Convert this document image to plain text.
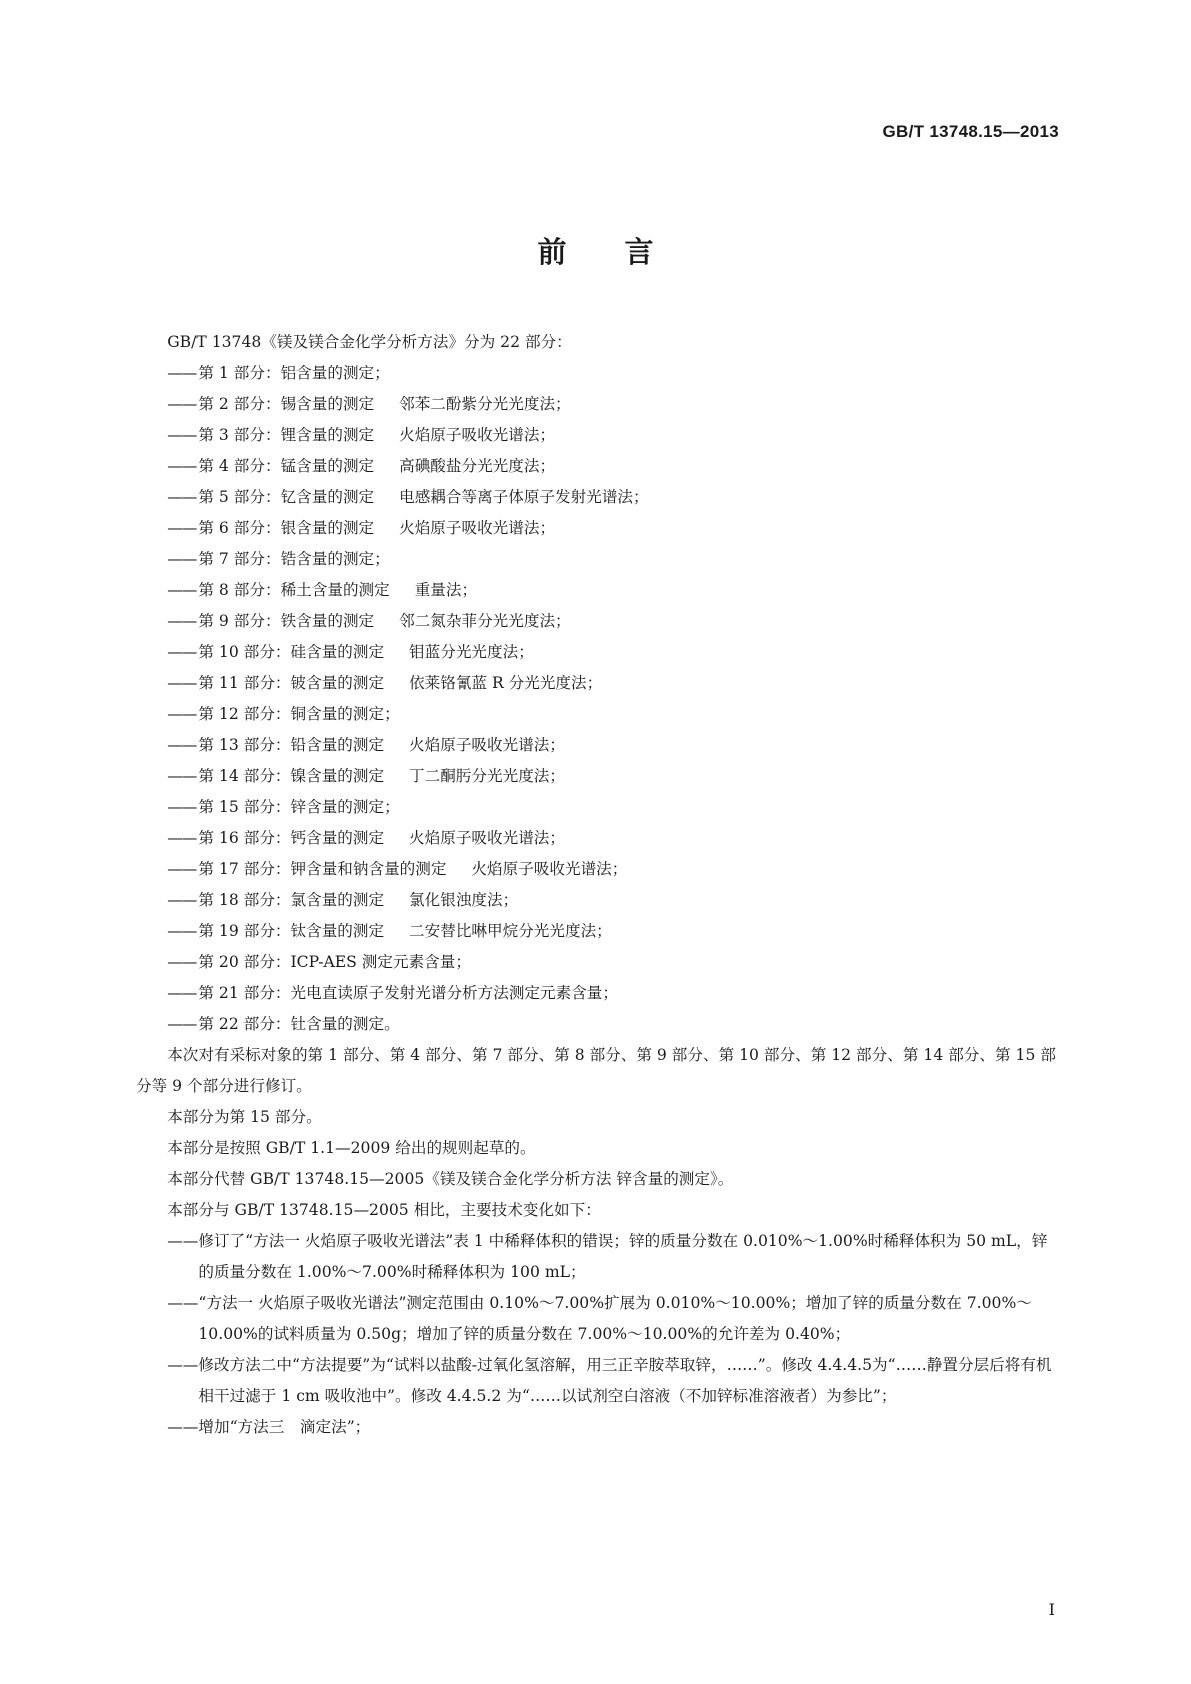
GB/T 13748.15—2013
前 言

GB/T 13748《镁及镁合金化学分析方法》分为 22 部分：

—— 第 1 部分：铝含量的测定；
—— 第 2 部分：锡含量的测定 邻苯二酚紫分光光度法；
—— 第 3 部分：锂含量的测定 火焰原子吸收光谱法；
—— 第 4 部分：锰含量的测定 高碘酸盐分光光度法；
—— 第 5 部分：钇含量的测定 电感耦合等离子体原子发射光谱法；
—— 第 6 部分：银含量的测定 火焰原子吸收光谱法；
—— 第 7 部分：锆含量的测定；
—— 第 8 部分：稀土含量的测定 重量法；
—— 第 9 部分：铁含量的测定 邻二氮杂菲分光光度法；
—— 第 10 部分：硅含量的测定 钼蓝分光光度法；
—— 第 11 部分：铍含量的测定 依莱铬氰蓝 R 分光光度法；
—— 第 12 部分：铜含量的测定；
—— 第 13 部分：铅含量的测定 火焰原子吸收光谱法；
—— 第 14 部分：镍含量的测定 丁二酮肟分光光度法；
—— 第 15 部分：锌含量的测定；
—— 第 16 部分：钙含量的测定 火焰原子吸收光谱法；
—— 第 17 部分：钾含量和钠含量的测定 火焰原子吸收光谱法；
—— 第 18 部分：氯含量的测定 氯化银浊度法；
—— 第 19 部分：钛含量的测定 二安替比啉甲烷分光光度法；
—— 第 20 部分：ICP-AES 测定元素含量；
—— 第 21 部分：光电直读原子发射光谱分析方法测定元素含量；
—— 第 22 部分：钍含量的测定。

本次对有采标对象的第 1 部分、第 4 部分、第 7 部分、第 8 部分、第 9 部分、第 10 部分、第 12 部分、第 14 部分、第 15 部分等 9 个部分进行修订。

本部分为第 15 部分。

本部分是按照 GB/T 1.1—2009 给出的规则起草的。

本部分代替 GB/T 13748.15—2005《镁及镁合金化学分析方法 锌含量的测定》。

本部分与 GB/T 13748.15—2005 相比，主要技术变化如下：

——修订了“方法一 火焰原子吸收光谱法”表 1 中稀释体积的错误；锌的质量分数在 0.010%～1.00%时稀释体积为 50 mL，锌的质量分数在 1.00%～7.00%时稀释体积为 100 mL；

——“方法一 火焰原子吸收光谱法”测定范围由 0.10%～7.00%扩展为 0.010%～10.00%；增加了锌的质量分数在 7.00%～10.00%的试料质量为 0.50g；增加了锌的质量分数在 7.00%～10.00%的允许差为 0.40%；

——修改方法二中“方法提要”为“试料以盐酸-过氧化氢溶解，用三正辛胺萃取锌，……”。修改 4.4.4.5为“……静置分层后将有机相干过滤于 1 cm 吸收池中”。修改 4.4.5.2 为“……以试剂空白溶液（不加锌标准溶液者）为参比”；

——增加“方法三　滴定法”；

I
